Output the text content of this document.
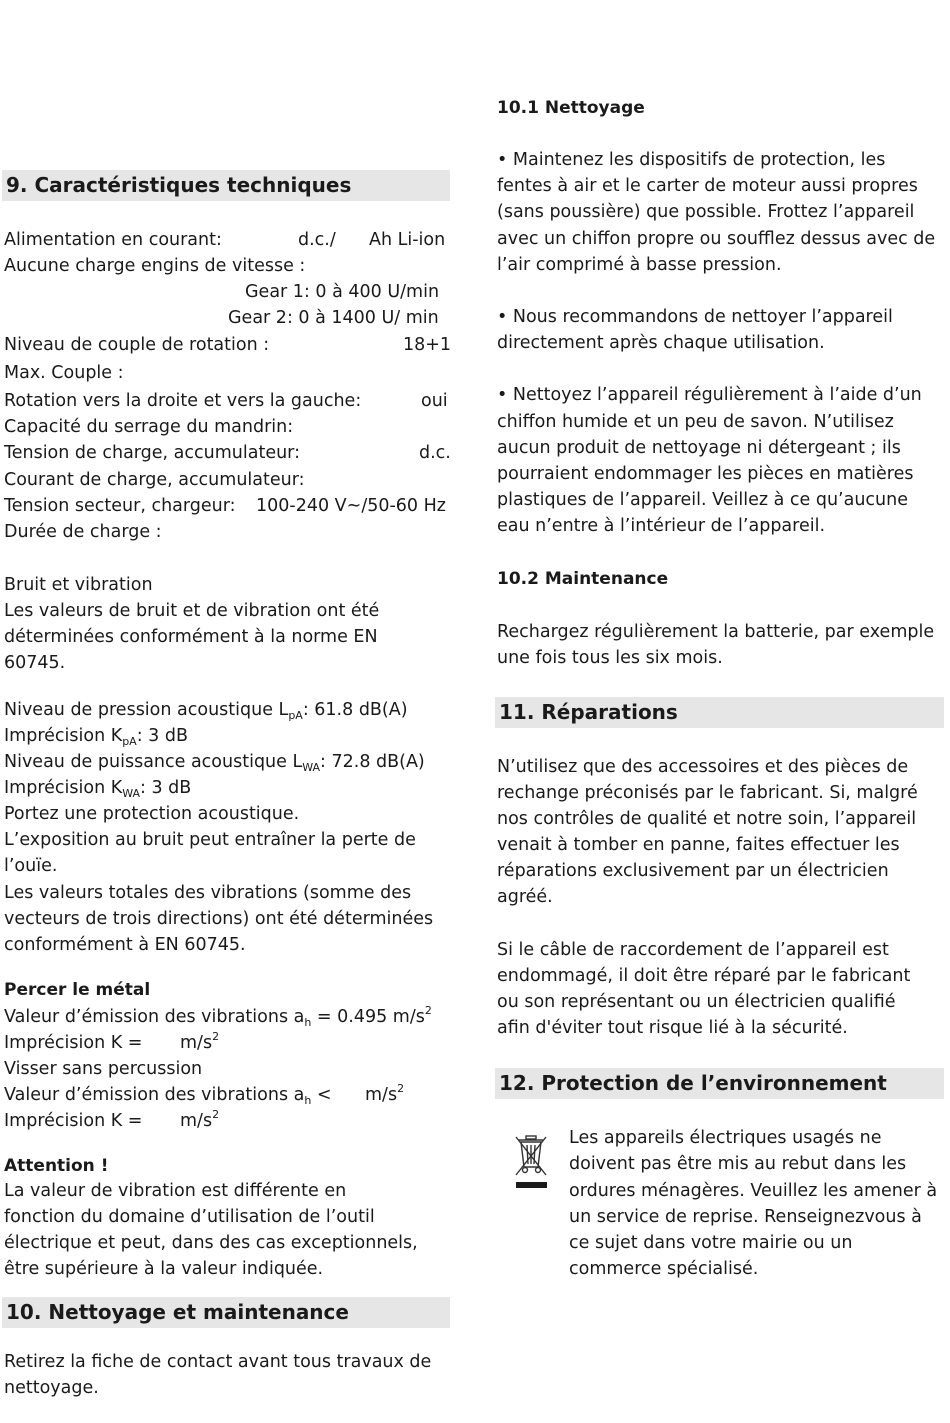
9. Caractéristiques techniques
Alimentation en courant:	d.c./ Ah Li-ion
Aucune charge engins de vitesse :
Gear 1: 0 à 400 U/min
Gear 2: 0 à 1400 U/ min
Niveau de couple de rotation :	18+1
Max. Couple :
Rotation vers la droite et vers la gauche:	oui
Capacité du serrage du mandrin:
Tension de charge, accumulateur:	d.c.
Courant de charge, accumulateur:
Tension secteur, chargeur: 100-240 V~/50-60 Hz
Durée de charge :
Bruit et vibration
Les valeurs de bruit et de vibration ont été
déterminées conformément à la norme EN
60745.
Niveau de pression acoustique $L_{pA}$: 61.8 dB(A)
Imprécision $K_{pA}$: 3 dB
Niveau de puissance acoustique $L_{WA}$: 72.8 dB(A)
Imprécision $K_{WA}$: 3 dB
Portez une protection acoustique.
L’exposition au bruit peut entraîner la perte de
l’ouïe.
Les valeurs totales des vibrations (somme des
vecteurs de trois directions) ont été déterminées
conformément à EN 60745.
Percer le métal
Valeur d’émission des vibrations $a_h = 0.495$ $m/s^2$
Imprécision $K = m/s^2$
Visser sans percussion
Valeur d’émission des vibrations $a_h < m/s^2$
Imprécision $K = m/s^2$
Attention !
La valeur de vibration est différente en
fonction du domaine d’utilisation de l’outil
électrique et peut, dans des cas exceptionnels,
être supérieure à la valeur indiquée.
10. Nettoyage et maintenance
Retirez la fiche de contact avant tous travaux de
nettoyage.
10.1 Nettoyage
• Maintenez les dispositifs de protection, les
fentes à air et le carter de moteur aussi propres
(sans poussière) que possible. Frottez l’appareil
avec un chiffon propre ou soufflez dessus avec de
l’air comprimé à basse pression.
• Nous recommandons de nettoyer l’appareil
directement après chaque utilisation.
• Nettoyez l’appareil régulièrement à l’aide d’un
chiffon humide et un peu de savon. N’utilisez
aucun produit de nettoyage ni détergeant ; ils
pourraient endommager les pièces en matières
plastiques de l’appareil. Veillez à ce qu’aucune
eau n’entre à l’intérieur de l’appareil.
10.2 Maintenance
Rechargez régulièrement la batterie, par exemple
une fois tous les six mois.
11. Réparations
N’utilisez que des accessoires et des pièces de
rechange préconisés par le fabricant. Si, malgré
nos contrôles de qualité et notre soin, l’appareil
venait à tomber en panne, faites effectuer les
réparations exclusivement par un électricien
agréé.
Si le câble de raccordement de l’appareil est
endommagé, il doit être réparé par le fabricant
ou son représentant ou un électricien qualifié
afin d'éviter tout risque lié à la sécurité.
12. Protection de l’environnement
Les appareils électriques usagés ne
doivent pas être mis au rebut dans les
ordures ménagères. Veuillez les amener à
un service de reprise. Renseignezvous à
ce sujet dans votre mairie ou un
commerce spécialisé.
